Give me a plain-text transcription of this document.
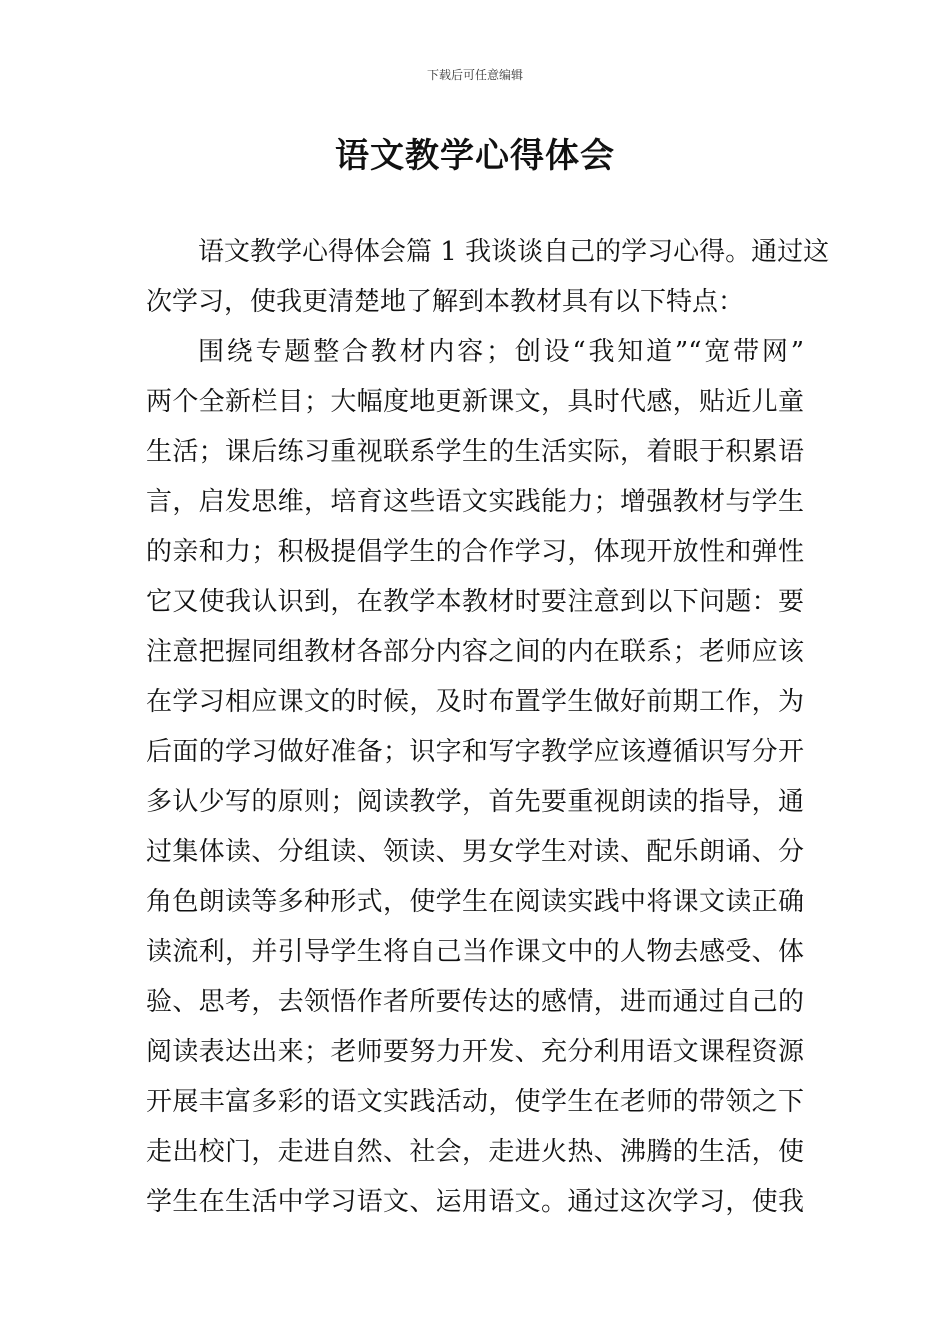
下载后可任意编辑
语文教学心得体会
语文教学心得体会篇 1 我谈谈自己的学习心得。通过这
次学习，使我更清楚地了解到本教材具有以下特点：
围绕专题整合教材内容；创设“我知道”“宽带网”
两个全新栏目；大幅度地更新课文，具时代感，贴近儿童
生活；课后练习重视联系学生的生活实际，着眼于积累语
言，启发思维，培育这些语文实践能力；增强教材与学生
的亲和力；积极提倡学生的合作学习，体现开放性和弹性
它又使我认识到，在教学本教材时要注意到以下问题：要
注意把握同组教材各部分内容之间的内在联系；老师应该
在学习相应课文的时候，及时布置学生做好前期工作，为
后面的学习做好准备；识字和写字教学应该遵循识写分开
多认少写的原则；阅读教学，首先要重视朗读的指导，通
过集体读、分组读、领读、男女学生对读、配乐朗诵、分
角色朗读等多种形式，使学生在阅读实践中将课文读正确
读流利，并引导学生将自己当作课文中的人物去感受、体
验、思考，去领悟作者所要传达的感情，进而通过自己的
阅读表达出来；老师要努力开发、充分利用语文课程资源
开展丰富多彩的语文实践活动，使学生在老师的带领之下
走出校门，走进自然、社会，走进火热、沸腾的生活，使
学生在生活中学习语文、运用语文。通过这次学习，使我
